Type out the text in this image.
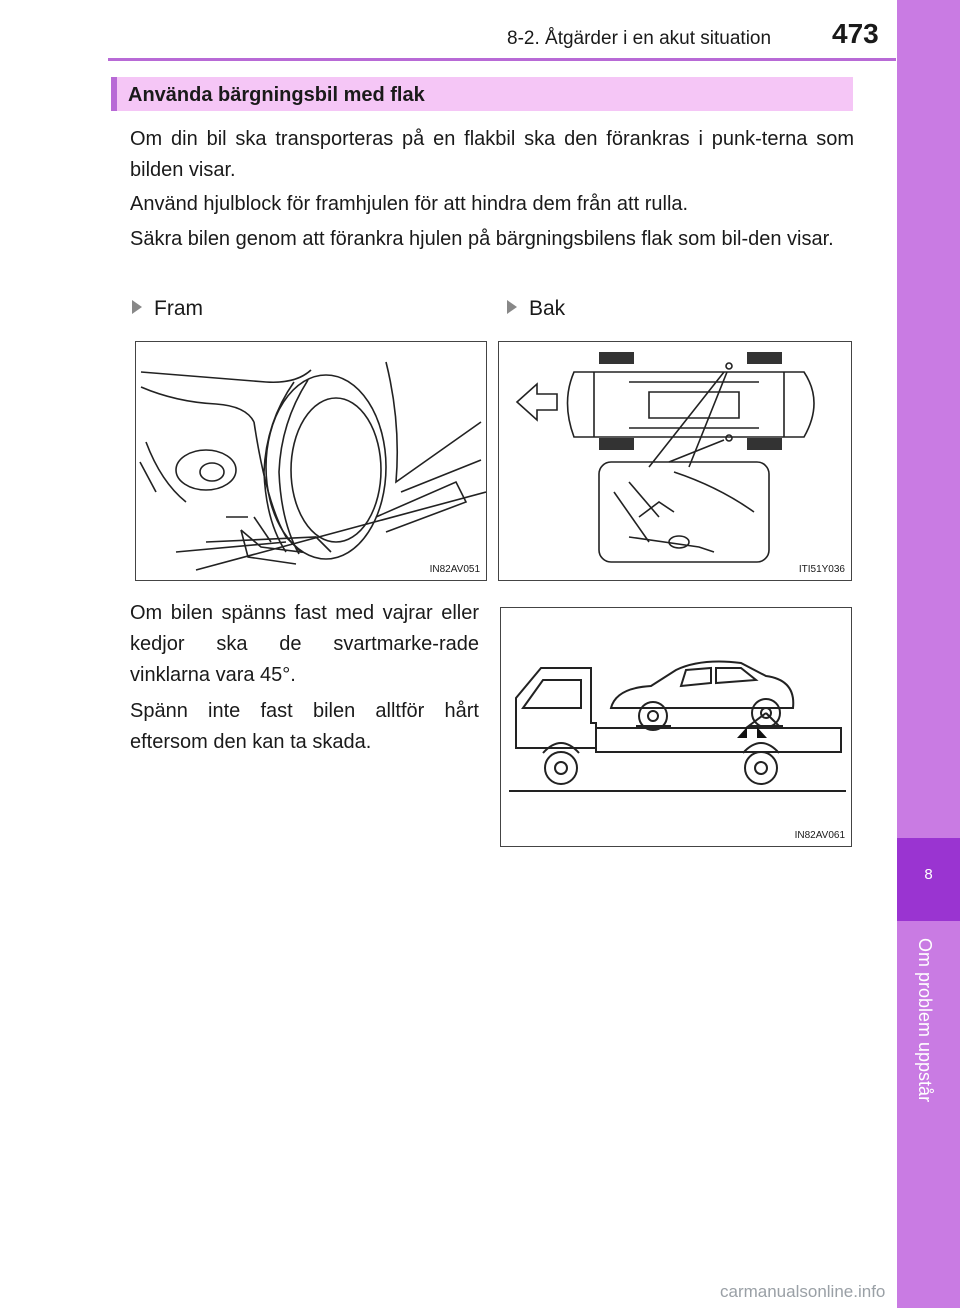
8-2. Åtgärder i en akut situation 473
8
Om problem uppstår
Använda bärgningsbil med flak

Om din bil ska transporteras på en flakbil ska den förankras i punk-terna som bilden visar.

Använd hjulblock för framhjulen för att hindra dem från att rulla.

Säkra bilen genom att förankra hjulen på bärgningsbilens flak som bil-den visar.

Fram	Bak
IN82AV051	ITI51Y036

Om bilen spänns fast med vajrar eller kedjor ska de svartmarke-rade vinklarna vara 45°.

Spänn inte fast bilen alltför hårt eftersom den kan ta skada.

IN82AV061
carmanualsonline.info
